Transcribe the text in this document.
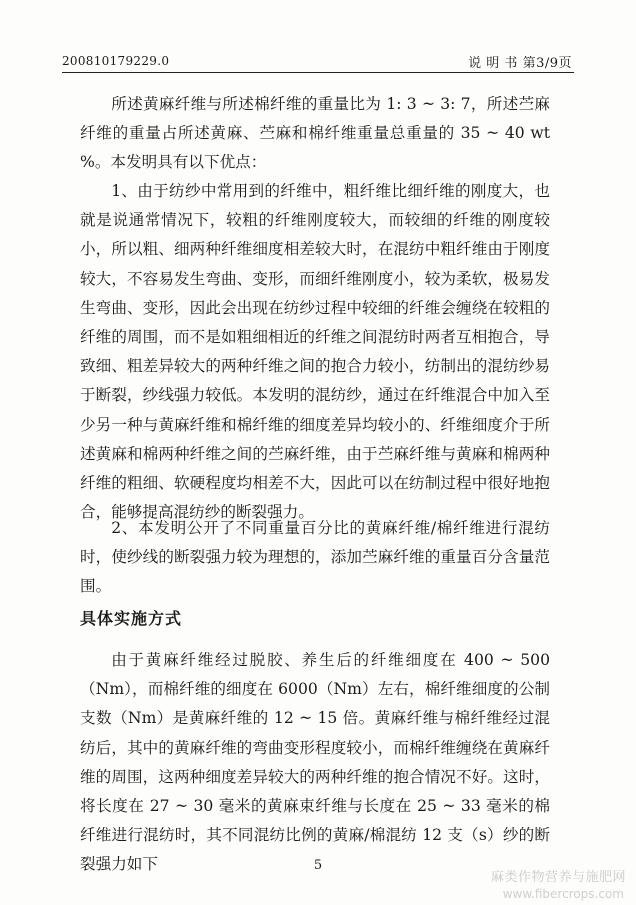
200810179229.0	说 明 书 第3/9页

所述黄麻纤维与所述棉纤维的重量比为 1: 3 ~ 3: 7，所述苎麻纤维的重量占所述黄麻、苎麻和棉纤维重量总重量的 35 ~ 40 wt %。本发明具有以下优点：

1、由于纺纱中常用到的纤维中，粗纤维比细纤维的刚度大，也就是说通常情况下，较粗的纤维刚度较大，而较细的纤维的刚度较小，所以粗、细两种纤维细度相差较大时，在混纺中粗纤维由于刚度较大，不容易发生弯曲、变形，而细纤维刚度小，较为柔软，极易发生弯曲、变形，因此会出现在纺纱过程中较细的纤维会缠绕在较粗的纤维的周围，而不是如粗细相近的纤维之间混纺时两者互相抱合，导致细、粗差异较大的两种纤维之间的抱合力较小，纺制出的混纺纱易于断裂，纱线强力较低。本发明的混纺纱，通过在纤维混合中加入至少另一种与黄麻纤维和棉纤维的细度差异均较小的、纤维细度介于所述黄麻和棉两种纤维之间的苎麻纤维，由于苎麻纤维与黄麻和棉两种纤维的粗细、软硬程度均相差不大，因此可以在纺制过程中很好地抱合，能够提高混纺纱的断裂强力。

2、本发明公开了不同重量百分比的黄麻纤维/棉纤维进行混纺时，使纱线的断裂强力较为理想的，添加苎麻纤维的重量百分含量范围。

具体实施方式

由于黄麻纤维经过脱胶、养生后的纤维细度在 400 ~ 500（Nm），而棉纤维的细度在 6000（Nm）左右，棉纤维细度的公制支数（Nm）是黄麻纤维的 12 ~ 15 倍。黄麻纤维与棉纤维经过混纺后，其中的黄麻纤维的弯曲变形程度较小，而棉纤维缠绕在黄麻纤维的周围，这两种细度差异较大的两种纤维的抱合情况不好。这时，将长度在 27 ~ 30 毫米的黄麻束纤维与长度在 25 ~ 33 毫米的棉纤维进行混纺时，其不同混纺比例的黄麻/棉混纺 12 支（s）纱的断裂强力如下	5
麻类作物营养与施肥网
www.fibercrops.com
